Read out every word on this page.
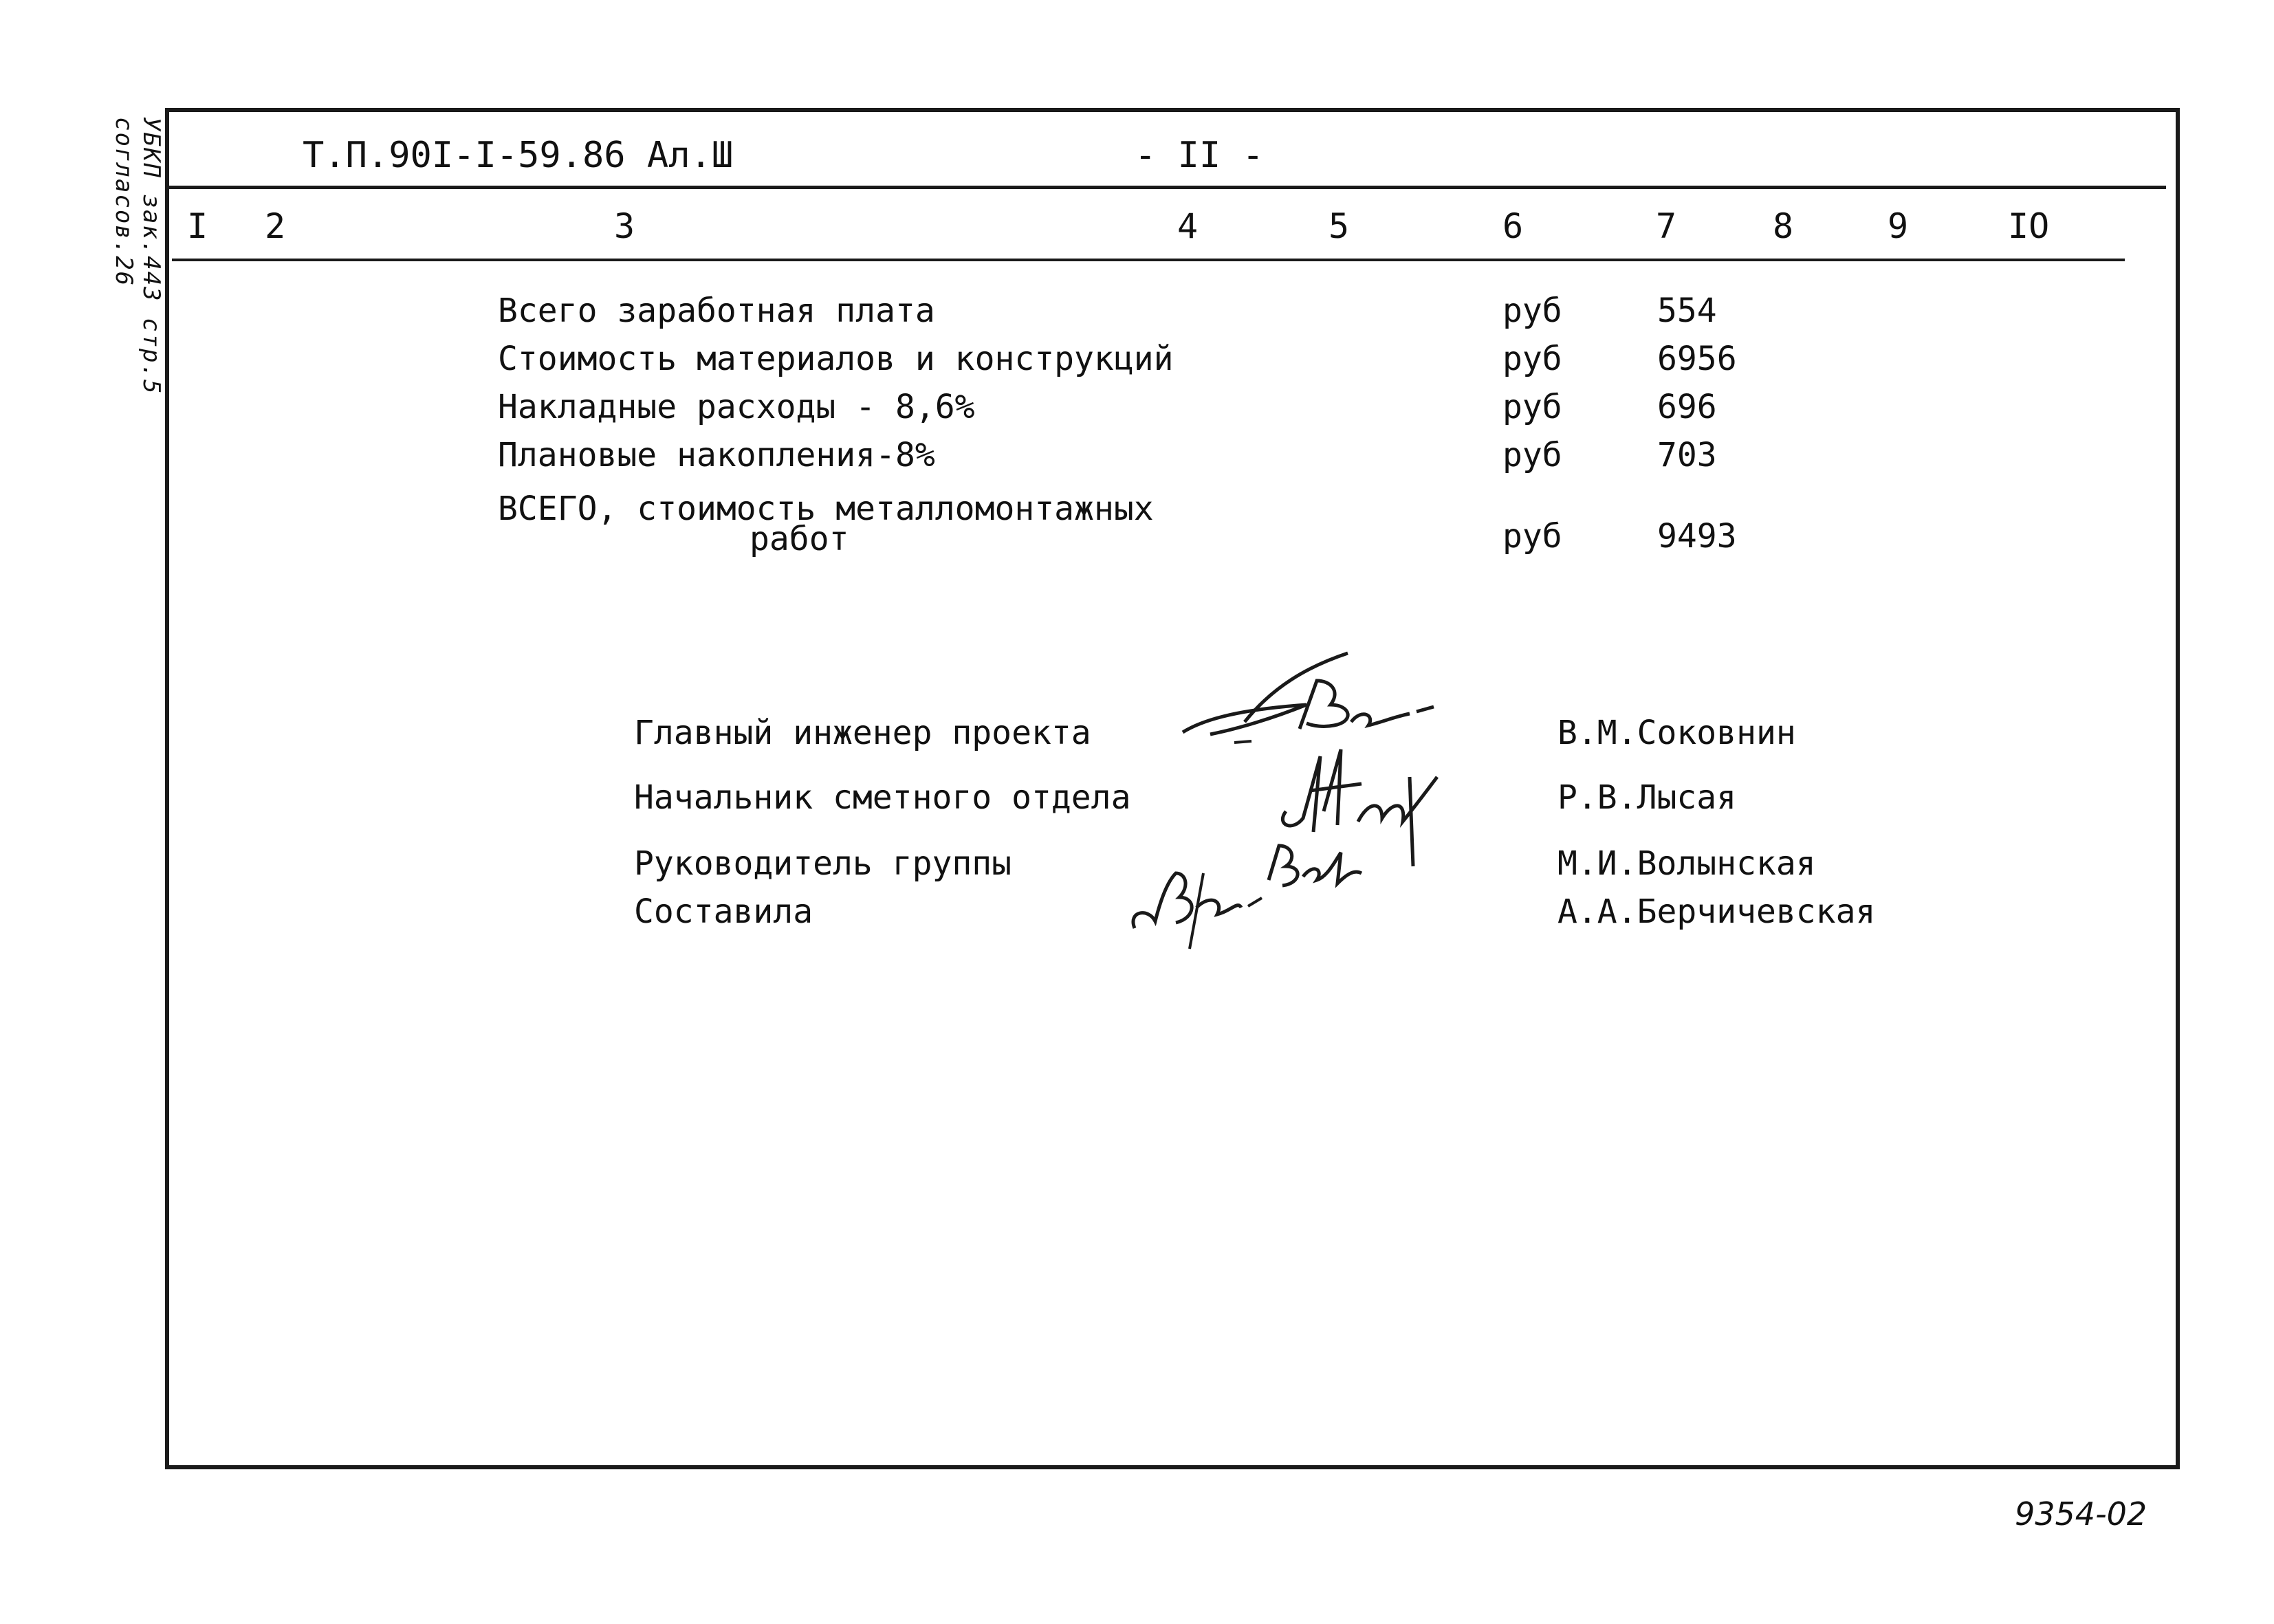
УБКП зак.443 стр.5 согласов.26	Т.П.90І-І-59.86 Ал.Ш	- II -
I 2	3	4	5	6	7	8	9	IO
Всего заработная плата	руб	554
Стоимость материалов и конструкций	руб	6956
Накладные расходы - 8,6%	руб	696
Плановые накопления-8%	руб	703
ВСЕГО, стоимость металломонтажных
работ	руб	9493
Главный инженер проекта	В.М.Соковнин
Начальник сметного отдела	Р.В.Лысая
Руководитель группы	М.И.Волынская
Составила	А.А.Берчичевская
9354-02
